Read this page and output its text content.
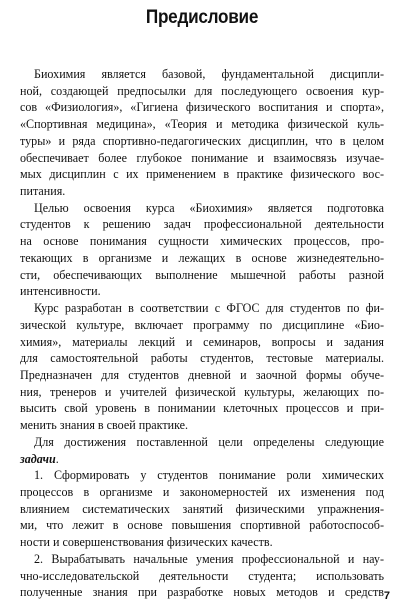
Предисловие
Биохимия является базовой, фундаментальной дисципли-
ной, создающей предпосылки для последующего освоения кур-
сов «Физиология», «Гигиена физического воспитания и спорта»,
«Спортивная медицина», «Теория и методика физической куль-
туры» и ряда спортивно-педагогических дисциплин, что в целом
обеспечивает более глубокое понимание и взаимосвязь изучае-
мых дисциплин с их применением в практике физического вос-
питания.
Целью освоения курса «Биохимия» является подготовка
студентов к решению задач профессиональной деятельности
на основе понимания сущности химических процессов, про-
текающих в организме и лежащих в основе жизнедеятельно-
сти, обеспечивающих выполнение мышечной работы разной
интенсивности.
Курс разработан в соответствии с ФГОС для студентов по фи-
зической культуре, включает программу по дисциплине «Био-
химия», материалы лекций и семинаров, вопросы и задания
для самостоятельной работы студентов, тестовые материалы.
Предназначен для студентов дневной и заочной формы обуче-
ния, тренеров и учителей физической культуры, желающих по-
высить свой уровень в понимании клеточных процессов и при-
менить знания в своей практике.
Для достижения поставленной цели определены следующие
задачи.
1. Сформировать у студентов понимание роли химических
процессов в организме и закономерностей их изменения под
влиянием систематических занятий физическими упражнения-
ми, что лежит в основе повышения спортивной работоспособ-
ности и совершенствования физических качеств.
2. Вырабатывать начальные умения профессиональной и нау-
чно-исследовательской деятельности студента; использовать
полученные знания при разработке новых методов и средств 7
